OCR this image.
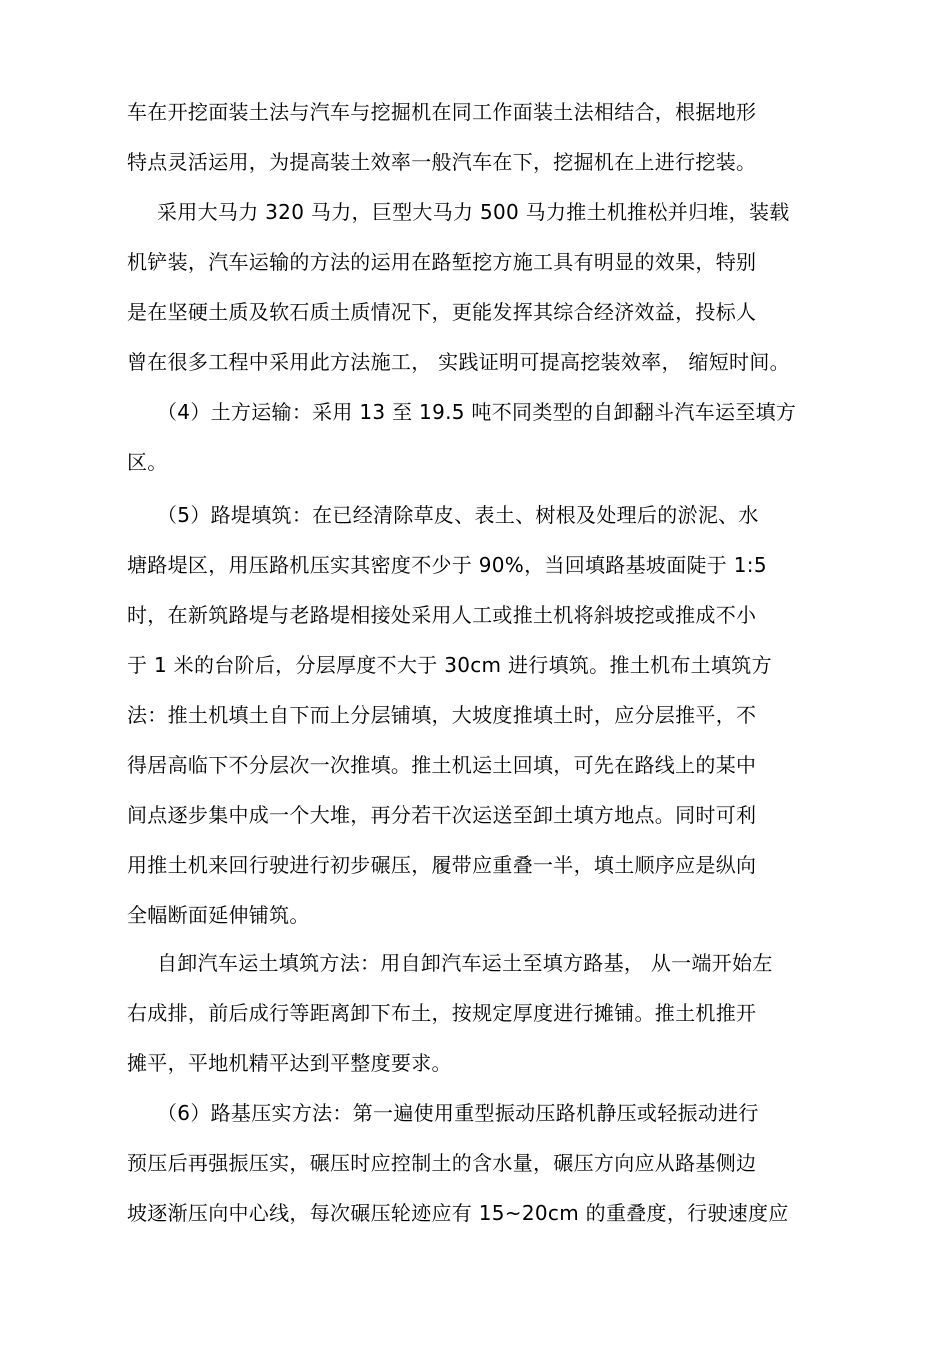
车在开挖面装土法与汽车与挖掘机在同工作面装土法相结合，根据地形
特点灵活运用，为提高装土效率一般汽车在下，挖掘机在上进行挖装。
采用大马力 320 马力，巨型大马力 500 马力推土机推松并归堆，装载
机铲装，汽车运输的方法的运用在路堑挖方施工具有明显的效果，特别
是在坚硬土质及软石质土质情况下，更能发挥其综合经济效益，投标人
曾在很多工程中采用此方法施工， 实践证明可提高挖装效率， 缩短时间。
（4）土方运输：采用 13 至 19.5 吨不同类型的自卸翻斗汽车运至填方
区。
（5）路堤填筑：在已经清除草皮、表土、树根及处理后的淤泥、水
塘路堤区，用压路机压实其密度不少于 90%，当回填路基坡面陡于 1:5
时，在新筑路堤与老路堤相接处采用人工或推土机将斜坡挖或推成不小
于 1 米的台阶后，分层厚度不大于 30cm 进行填筑。推土机布土填筑方
法：推土机填土自下而上分层铺填，大坡度推填土时，应分层推平，不
得居高临下不分层次一次推填。推土机运土回填，可先在路线上的某中
间点逐步集中成一个大堆，再分若干次运送至卸土填方地点。同时可利
用推土机来回行驶进行初步碾压，履带应重叠一半，填土顺序应是纵向
全幅断面延伸铺筑。
自卸汽车运土填筑方法：用自卸汽车运土至填方路基， 从一端开始左
右成排，前后成行等距离卸下布土，按规定厚度进行摊铺。推土机推开
摊平，平地机精平达到平整度要求。
（6）路基压实方法：第一遍使用重型振动压路机静压或轻振动进行
预压后再强振压实，碾压时应控制土的含水量，碾压方向应从路基侧边
坡逐渐压向中心线，每次碾压轮迹应有 15~20cm 的重叠度，行驶速度应
